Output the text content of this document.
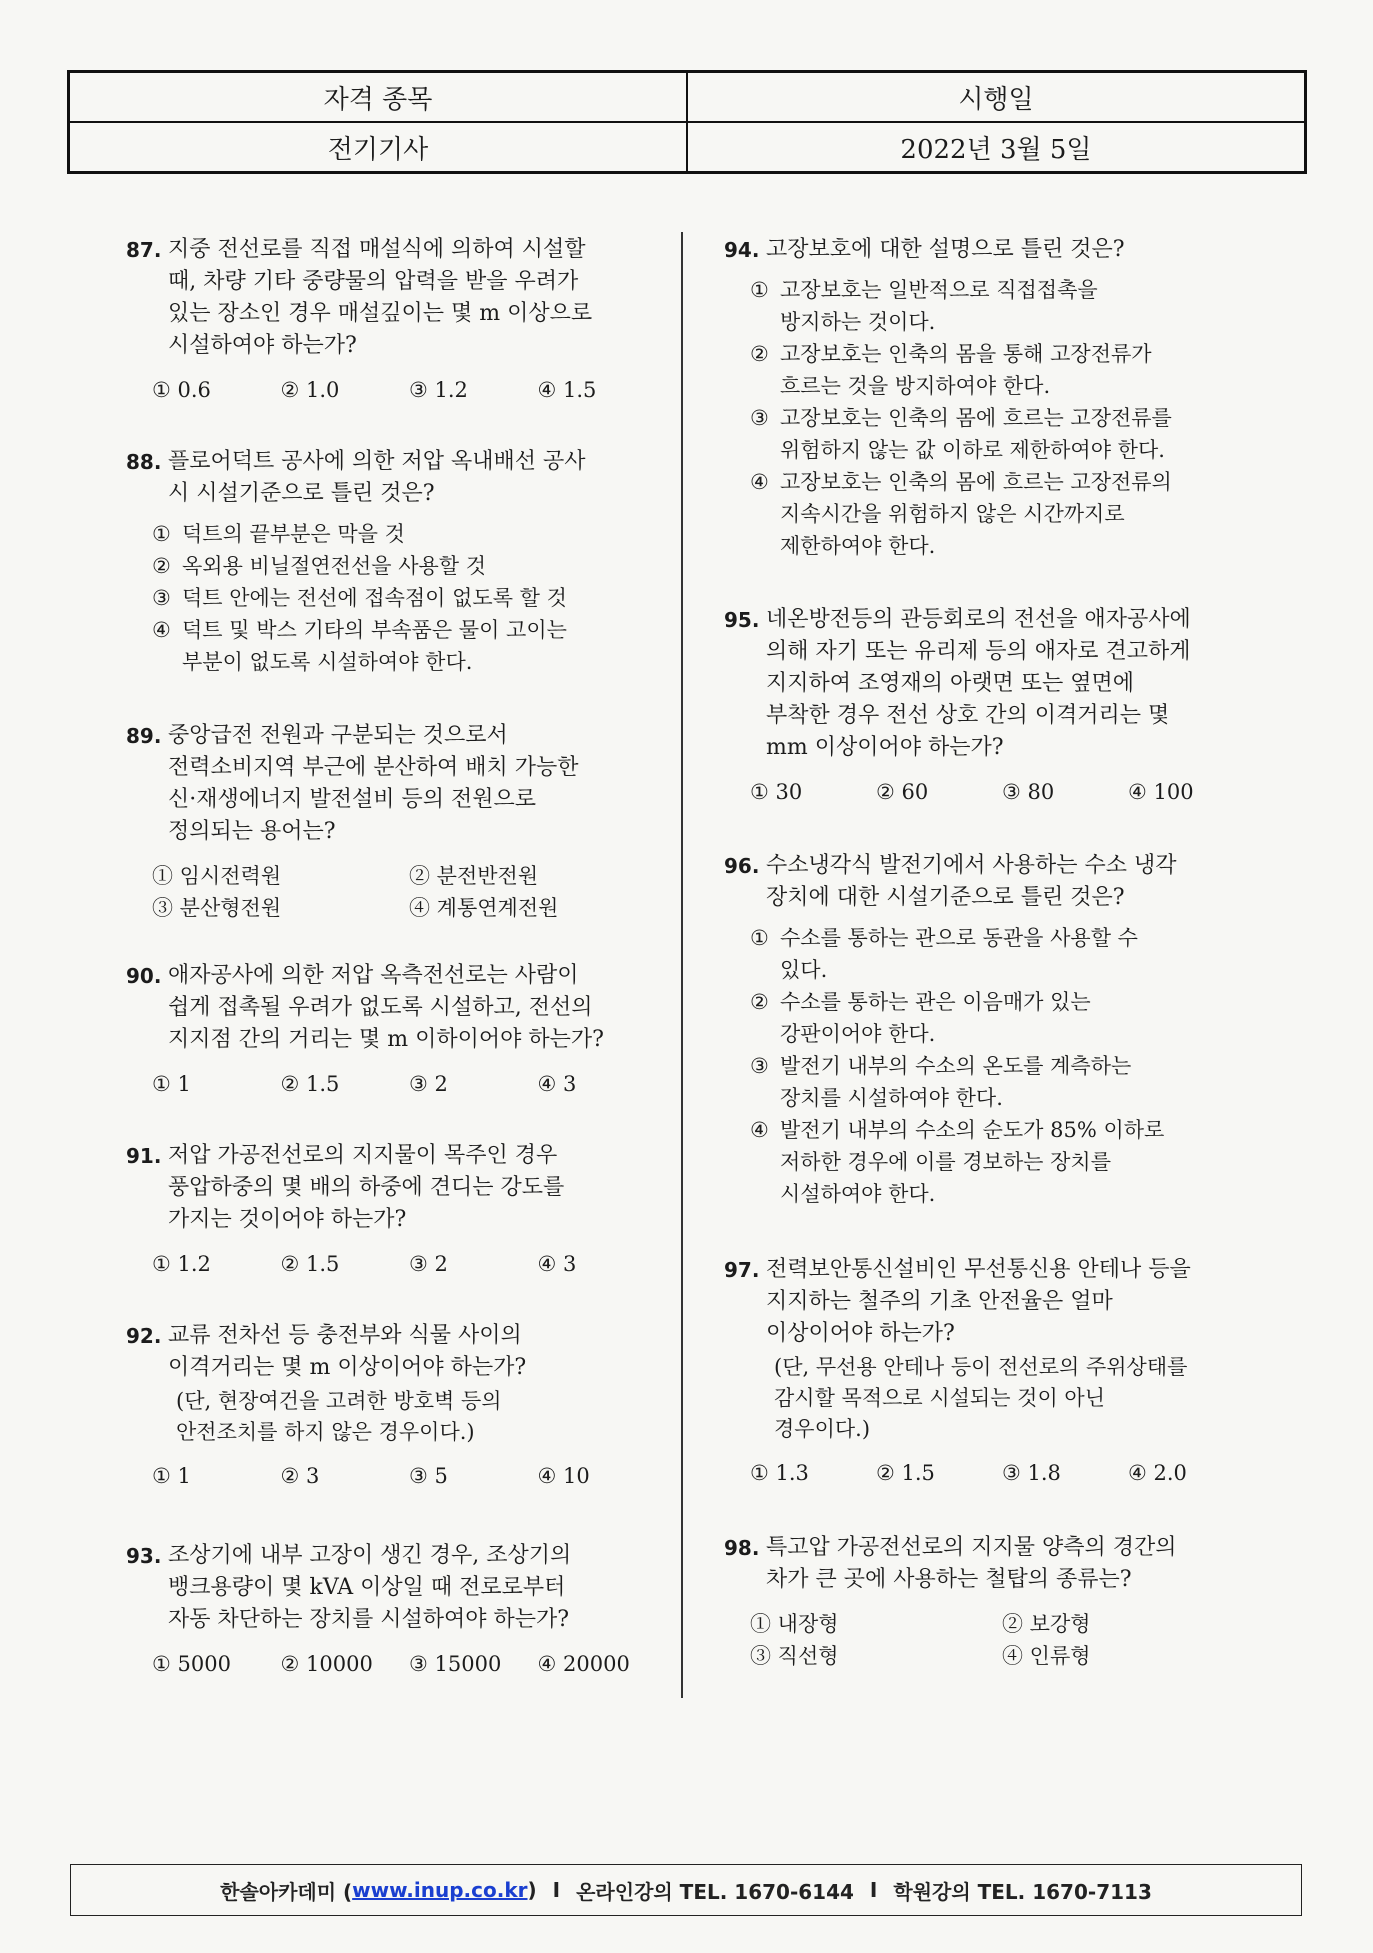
자격 종목	시행일
전기기사	2022년 3월 5일
87. 지중 전선로를 직접 매설식에 의하여 시설할
때, 차량 기타 중량물의 압력을 받을 우려가
있는 장소인 경우 매설깊이는 몇 m 이상으로
시설하여야 하는가?
① 0.6	② 1.0	③ 1.2	④ 1.5
88. 플로어덕트 공사에 의한 저압 옥내배선 공사
시 시설기준으로 틀린 것은?
① 덕트의 끝부분은 막을 것
② 옥외용 비닐절연전선을 사용할 것
③ 덕트 안에는 전선에 접속점이 없도록 할 것
④ 덕트 및 박스 기타의 부속품은 물이 고이는
부분이 없도록 시설하여야 한다.
89. 중앙급전 전원과 구분되는 것으로서
전력소비지역 부근에 분산하여 배치 가능한
신·재생에너지 발전설비 등의 전원으로
정의되는 용어는?
① 임시전력원	② 분전반전원
③ 분산형전원	④ 계통연계전원
90. 애자공사에 의한 저압 옥측전선로는 사람이
쉽게 접촉될 우려가 없도록 시설하고, 전선의
지지점 간의 거리는 몇 m 이하이어야 하는가?
① 1	② 1.5	③ 2	④ 3
91. 저압 가공전선로의 지지물이 목주인 경우
풍압하중의 몇 배의 하중에 견디는 강도를
가지는 것이어야 하는가?
① 1.2	② 1.5	③ 2	④ 3
92. 교류 전차선 등 충전부와 식물 사이의
이격거리는 몇 m 이상이어야 하는가?
(단, 현장여건을 고려한 방호벽 등의
안전조치를 하지 않은 경우이다.)
① 1	② 3	③ 5	④ 10
93. 조상기에 내부 고장이 생긴 경우, 조상기의
뱅크용량이 몇 kVA 이상일 때 전로로부터
자동 차단하는 장치를 시설하여야 하는가?
① 5000	② 10000	③ 15000	④ 20000
94. 고장보호에 대한 설명으로 틀린 것은?
① 고장보호는 일반적으로 직접접촉을
방지하는 것이다.
② 고장보호는 인축의 몸을 통해 고장전류가
흐르는 것을 방지하여야 한다.
③ 고장보호는 인축의 몸에 흐르는 고장전류를
위험하지 않는 값 이하로 제한하여야 한다.
④ 고장보호는 인축의 몸에 흐르는 고장전류의
지속시간을 위험하지 않은 시간까지로
제한하여야 한다.
95. 네온방전등의 관등회로의 전선을 애자공사에
의해 자기 또는 유리제 등의 애자로 견고하게
지지하여 조영재의 아랫면 또는 옆면에
부착한 경우 전선 상호 간의 이격거리는 몇
mm 이상이어야 하는가?
① 30	② 60	③ 80	④ 100
96. 수소냉각식 발전기에서 사용하는 수소 냉각
장치에 대한 시설기준으로 틀린 것은?
① 수소를 통하는 관으로 동관을 사용할 수
있다.
② 수소를 통하는 관은 이음매가 있는
강판이어야 한다.
③ 발전기 내부의 수소의 온도를 계측하는
장치를 시설하여야 한다.
④ 발전기 내부의 수소의 순도가 85% 이하로
저하한 경우에 이를 경보하는 장치를
시설하여야 한다.
97. 전력보안통신설비인 무선통신용 안테나 등을
지지하는 철주의 기초 안전율은 얼마
이상이어야 하는가?
(단, 무선용 안테나 등이 전선로의 주위상태를
감시할 목적으로 시설되는 것이 아닌
경우이다.)
① 1.3	② 1.5	③ 1.8	④ 2.0
98. 특고압 가공전선로의 지지물 양측의 경간의
차가 큰 곳에 사용하는 철탑의 종류는?
① 내장형	② 보강형
③ 직선형	④ 인류형
한솔아카데미 ( www.inup.co.kr ) I 온라인강의 TEL. 1670-6144 I 학원강의 TEL. 1670-7113
